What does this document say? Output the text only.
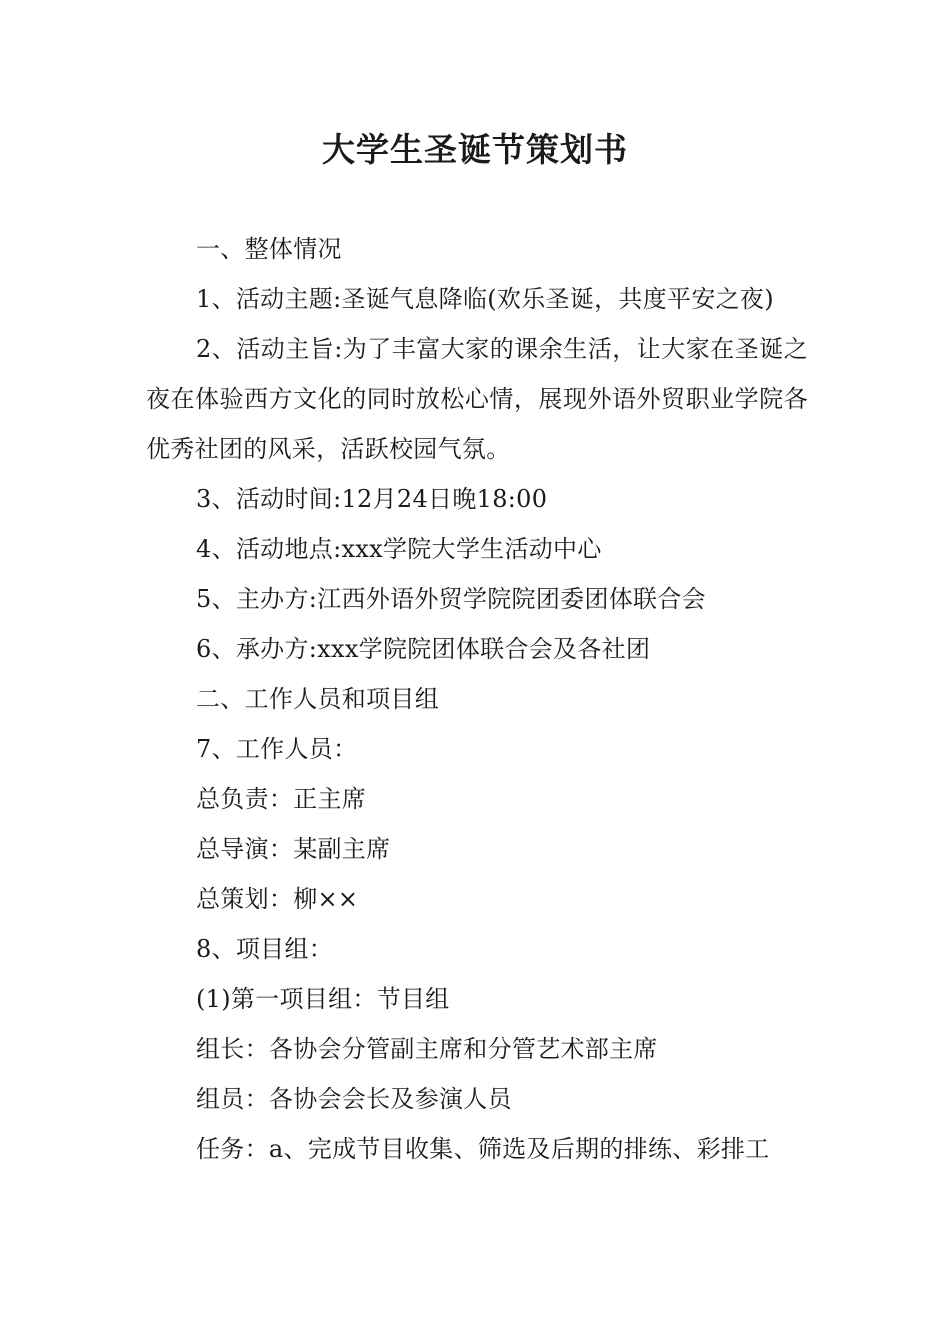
大学生圣诞节策划书

一、整体情况

1、活动主题:圣诞气息降临(欢乐圣诞，共度平安之夜)

2、活动主旨:为了丰富大家的课余生活，让大家在圣诞之夜在体验西方文化的同时放松心情，展现外语外贸职业学院各优秀社团的风采，活跃校园气氛。

3、活动时间:12月24日晚18:00

4、活动地点:xxx学院大学生活动中心

5、主办方:江西外语外贸学院院团委团体联合会

6、承办方:xxx学院院团体联合会及各社团

二、工作人员和项目组

7、工作人员：

总负责：正主席

总导演：某副主席

总策划：柳××

8、项目组：

(1)第一项目组：节目组

组长：各协会分管副主席和分管艺术部主席

组员：各协会会长及参演人员

任务：a、完成节目收集、筛选及后期的排练、彩排工
